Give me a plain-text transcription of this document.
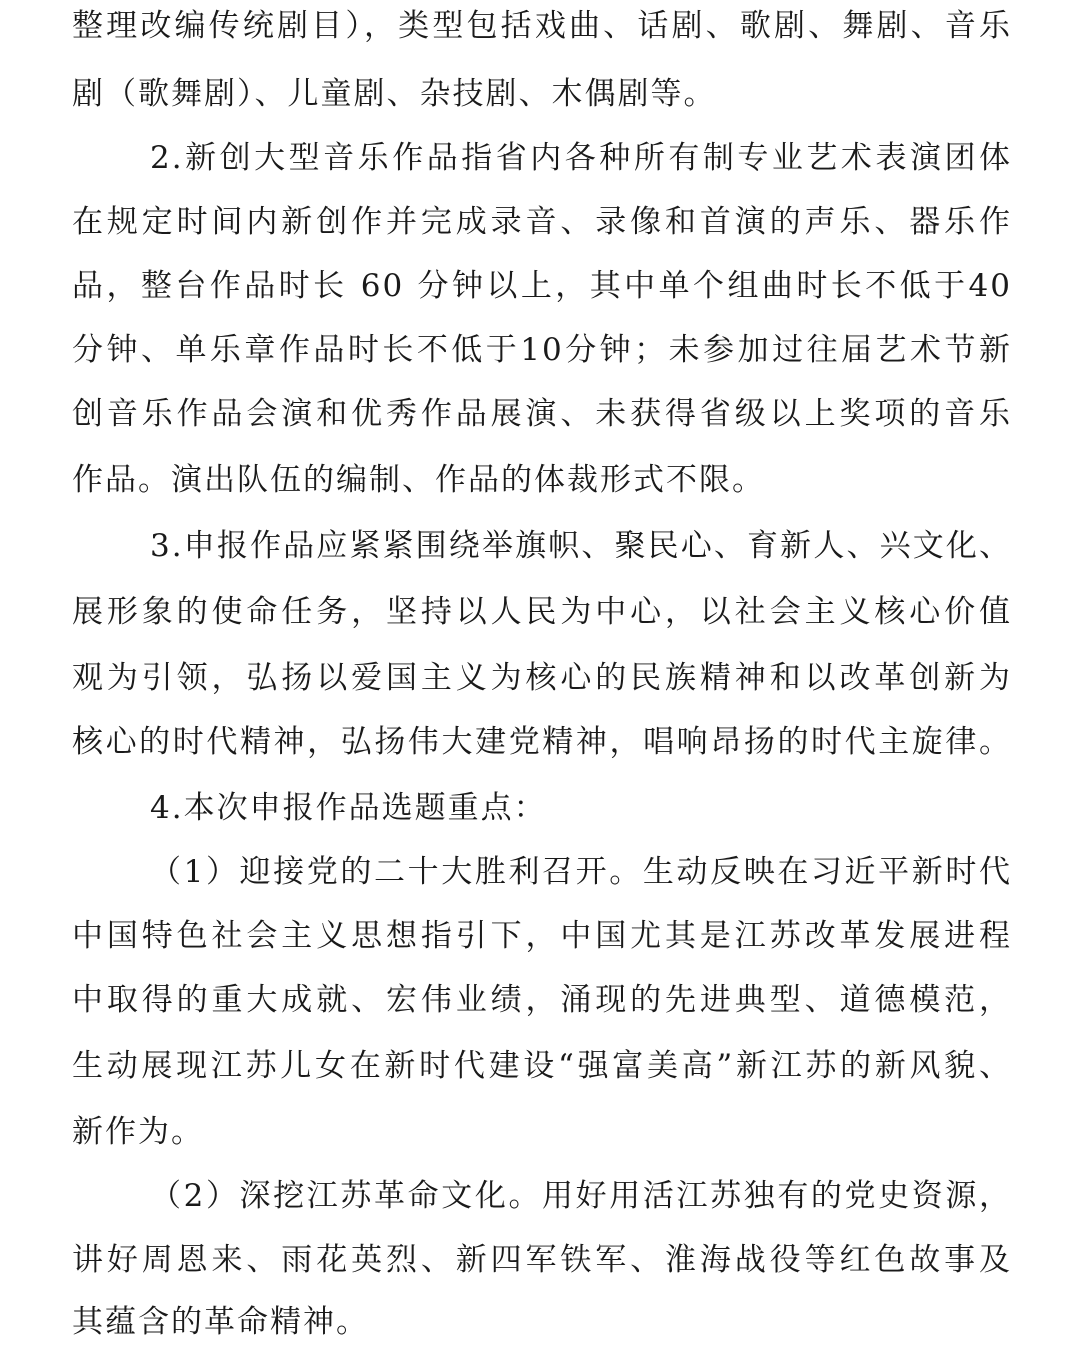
整理改编传统剧目），类型包括戏曲、话剧、歌剧、舞剧、音乐
剧（歌舞剧）、儿童剧、杂技剧、木偶剧等。
2.新创大型音乐作品指省内各种所有制专业艺术表演团体
在规定时间内新创作并完成录音、录像和首演的声乐、器乐作
品，整台作品时长 60 分钟以上，其中单个组曲时长不低于40
分钟、单乐章作品时长不低于10分钟；未参加过往届艺术节新
创音乐作品会演和优秀作品展演、未获得省级以上奖项的音乐
作品。演出队伍的编制、作品的体裁形式不限。
3.申报作品应紧紧围绕举旗帜、聚民心、育新人、兴文化、
展形象的使命任务，坚持以人民为中心，以社会主义核心价值
观为引领，弘扬以爱国主义为核心的民族精神和以改革创新为
核心的时代精神，弘扬伟大建党精神，唱响昂扬的时代主旋律。
4.本次申报作品选题重点：
（1）迎接党的二十大胜利召开。生动反映在习近平新时代
中国特色社会主义思想指引下，中国尤其是江苏改革发展进程
中取得的重大成就、宏伟业绩，涌现的先进典型、道德模范，
生动展现江苏儿女在新时代建设“强富美高”新江苏的新风貌、
新作为。
（2）深挖江苏革命文化。用好用活江苏独有的党史资源，
讲好周恩来、雨花英烈、新四军铁军、淮海战役等红色故事及
其蕴含的革命精神。
